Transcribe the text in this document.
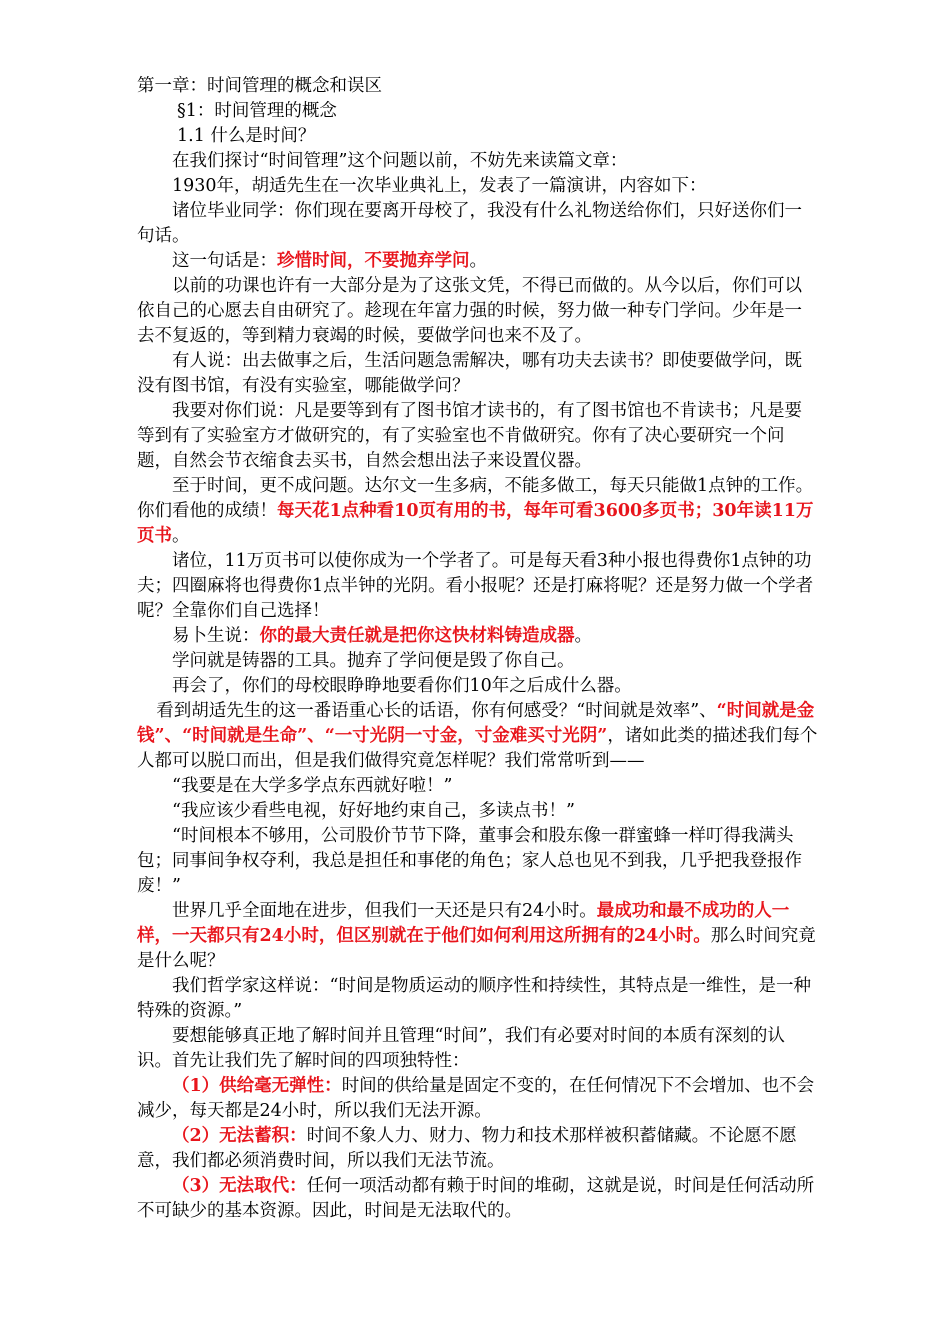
第一章：时间管理的概念和误区

§1：时间管理的概念

1.1 什么是时间？

在我们探讨“时间管理”这个问题以前，不妨先来读篇文章：

1930年，胡适先生在一次毕业典礼上，发表了一篇演讲，内容如下：

诸位毕业同学：你们现在要离开母校了，我没有什么礼物送给你们，只好送你们一句话。

这一句话是：珍惜时间，不要抛弃学问。

以前的功课也许有一大部分是为了这张文凭，不得已而做的。从今以后，你们可以依自己的心愿去自由研究了。趁现在年富力强的时候，努力做一种专门学问。少年是一去不复返的，等到精力衰竭的时候，要做学问也来不及了。

有人说：出去做事之后，生活问题急需解决，哪有功夫去读书？即使要做学问，既没有图书馆，有没有实验室，哪能做学问？

我要对你们说：凡是要等到有了图书馆才读书的，有了图书馆也不肯读书；凡是要等到有了实验室方才做研究的，有了实验室也不肯做研究。你有了决心要研究一个问题，自然会节衣缩食去买书，自然会想出法子来设置仪器。

至于时间，更不成问题。达尔文一生多病，不能多做工，每天只能做1点钟的工作。你们看他的成绩！每天花1点种看10页有用的书，每年可看3600多页书；30年读11万页书。

诸位，11万页书可以使你成为一个学者了。可是每天看3种小报也得费你1点钟的功夫；四圈麻将也得费你1点半钟的光阴。看小报呢？还是打麻将呢？还是努力做一个学者呢？全靠你们自己选择！

易卜生说：你的最大责任就是把你这快材料铸造成器。

学问就是铸器的工具。抛弃了学问便是毁了你自己。

再会了，你们的母校眼睁睁地要看你们10年之后成什么器。

看到胡适先生的这一番语重心长的话语，你有何感受？“时间就是效率”、“时间就是金钱”、“时间就是生命”、“一寸光阴一寸金，寸金难买寸光阴”，诸如此类的描述我们每个人都可以脱口而出，但是我们做得究竟怎样呢？我们常常听到——

“我要是在大学多学点东西就好啦！”

“我应该少看些电视，好好地约束自己，多读点书！”

“时间根本不够用，公司股价节节下降，董事会和股东像一群蜜蜂一样叮得我满头包；同事间争权夺利，我总是担任和事佬的角色；家人总也见不到我，几乎把我登报作废！”

世界几乎全面地在进步，但我们一天还是只有24小时。最成功和最不成功的人一样，一天都只有24小时，但区别就在于他们如何利用这所拥有的24小时。那么时间究竟是什么呢？

我们哲学家这样说：“时间是物质运动的顺序性和持续性，其特点是一维性，是一种特殊的资源。”

要想能够真正地了解时间并且管理“时间”，我们有必要对时间的本质有深刻的认识。首先让我们先了解时间的四项独特性：

（1）供给毫无弹性：时间的供给量是固定不变的，在任何情况下不会增加、也不会减少，每天都是24小时，所以我们无法开源。

（2）无法蓄积：时间不象人力、财力、物力和技术那样被积蓄储藏。不论愿不愿意，我们都必须消费时间，所以我们无法节流。

（3）无法取代：任何一项活动都有赖于时间的堆砌，这就是说，时间是任何活动所不可缺少的基本资源。因此，时间是无法取代的。
